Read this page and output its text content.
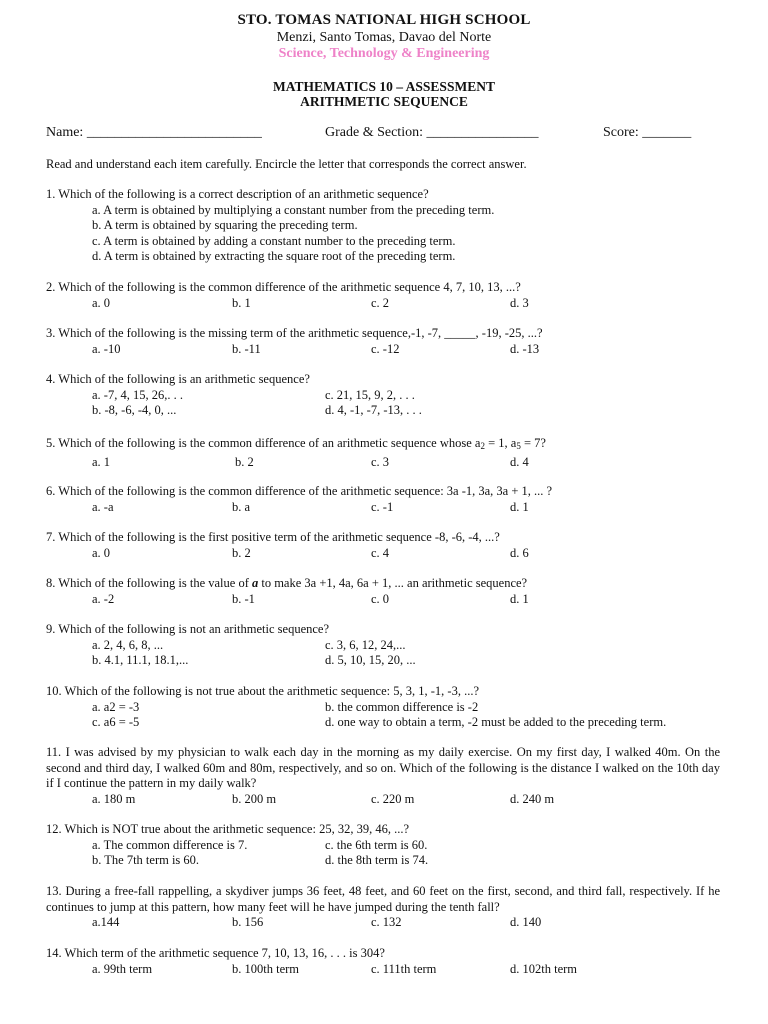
STO. TOMAS NATIONAL HIGH SCHOOL
Menzi, Santo Tomas, Davao del Norte
Science, Technology & Engineering
MATHEMATICS 10 – ASSESSMENT
ARITHMETIC SEQUENCE
Name: _________________________	Grade & Section: ________________	Score: _______
Read and understand each item carefully. Encircle the letter that corresponds the correct answer.
1. Which of the following is a correct description of an arithmetic sequence?
a. A term is obtained by multiplying a constant number from the preceding term.
b. A term is obtained by squaring the preceding term.
c. A term is obtained by adding a constant number to the preceding term.
d. A term is obtained by extracting the square root of the preceding term.
2. Which of the following is the common difference of the arithmetic sequence 4, 7, 10, 13, ...?
a. 0	b. 1	c. 2	d. 3
3. Which of the following is the missing term of the arithmetic sequence,-1, -7, _____, -19, -25, ...?
a. -10	b. -11	c. -12	d. -13
4. Which of the following is an arithmetic sequence?
a. -7, 4, 15, 26,. . .	c. 21, 15, 9, 2, . . .
b. -8, -6, -4, 0, ...	d. 4, -1, -7, -13, . . .
5. Which of the following is the common difference of an arithmetic sequence whose $a_2 = 1$, $a_5 = 7$?
a. 1	b. 2	c. 3	d. 4
6. Which of the following is the common difference of the arithmetic sequence: 3a -1, 3a, 3a + 1, ... ?
a. -a	b. a	c. -1	d. 1
7. Which of the following is the first positive term of the arithmetic sequence -8, -6, -4, ...?
a. 0	b. 2	c. 4	d. 6
8. Which of the following is the value of a to make 3a +1, 4a, 6a + 1, ... an arithmetic sequence?
a. -2	b. -1	c. 0	d. 1
9. Which of the following is not an arithmetic sequence?
a. 2, 4, 6, 8, ...	c. 3, 6, 12, 24,...
b. 4.1, 11.1, 18.1,...	d. 5, 10, 15, 20, ...
10. Which of the following is not true about the arithmetic sequence: 5, 3, 1, -1, -3, ...?
a. a2 = -3	b. the common difference is -2
c. a6 = -5	d. one way to obtain a term, -2 must be added to the preceding term.
11. I was advised by my physician to walk each day in the morning as my daily exercise. On my first day, I walked 40m. On the second and third day, I walked 60m and 80m, respectively, and so on. Which of the following is the distance I walked on the 10th day if I continue the pattern in my daily walk?
a. 180 m	b. 200 m	c. 220 m	d. 240 m
12. Which is NOT true about the arithmetic sequence: 25, 32, 39, 46, ...?
a. The common difference is 7.	c. the 6th term is 60.
b. The 7th term is 60.	d. the 8th term is 74.
13. During a free-fall rappelling, a skydiver jumps 36 feet, 48 feet, and 60 feet on the first, second, and third fall, respectively. If he continues to jump at this pattern, how many feet will he have jumped during the tenth fall?
a.144	b. 156	c. 132	d. 140
14. Which term of the arithmetic sequence 7, 10, 13, 16, . . . is 304?
a. 99th term	b. 100th term	c. 111th term	d. 102th term
